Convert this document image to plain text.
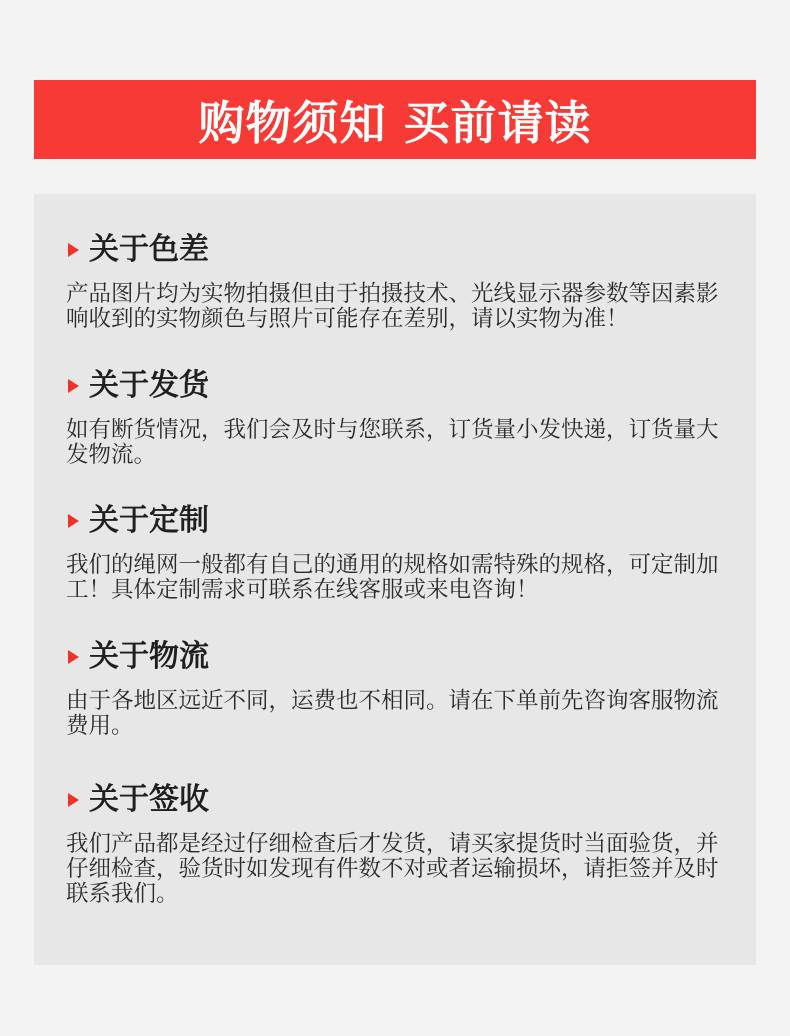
购物须知 买前请读
关于色差
产品图片均为实物拍摄但由于拍摄技术、光线显示器参数等因素影响收到的实物颜色与照片可能存在差别，请以实物为准！
关于发货
如有断货情况，我们会及时与您联系，订货量小发快递，订货量大发物流。
关于定制
我们的绳网一般都有自己的通用的规格如需特殊的规格，可定制加工！具体定制需求可联系在线客服或来电咨询！
关于物流
由于各地区远近不同，运费也不相同。请在下单前先咨询客服物流费用。
关于签收
我们产品都是经过仔细检查后才发货，请买家提货时当面验货，并仔细检查，验货时如发现有件数不对或者运输损坏，请拒签并及时联系我们。
